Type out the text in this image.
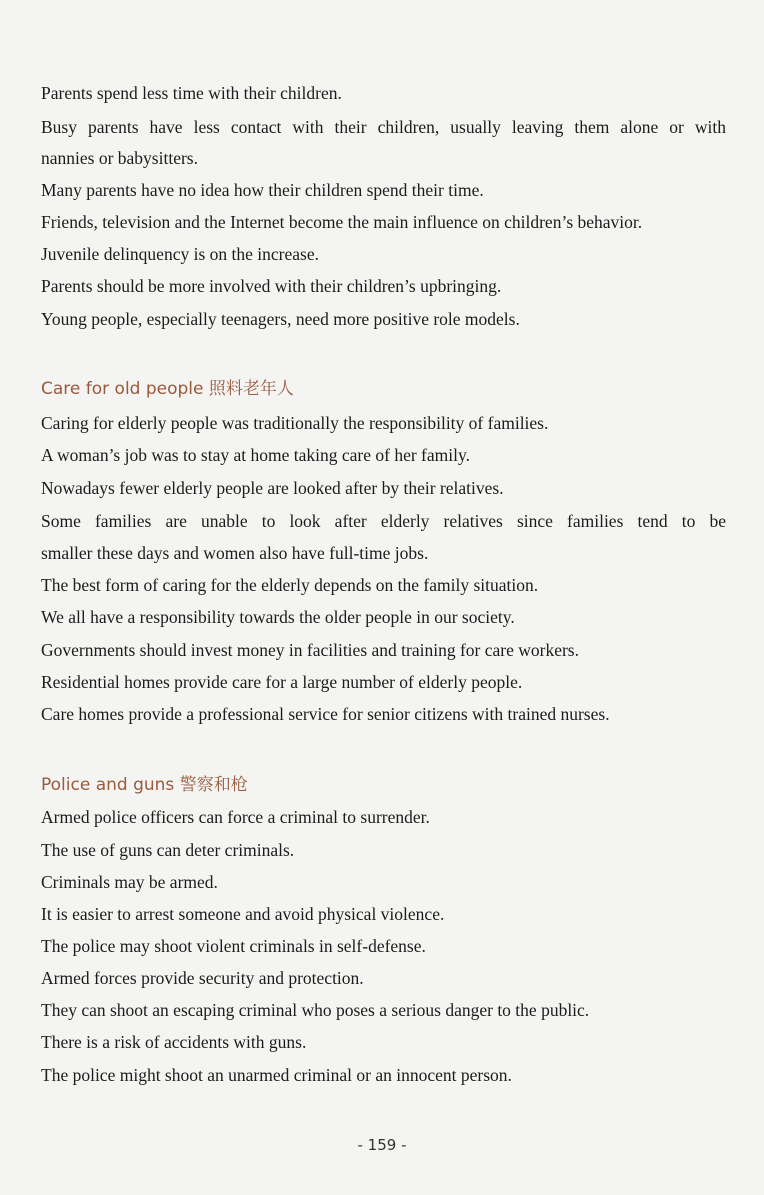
Parents spend less time with their children.
Busy parents have less contact with their children, usually leaving them alone or with
nannies or babysitters.
Many parents have no idea how their children spend their time.
Friends, television and the Internet become the main influence on children’s behavior.
Juvenile delinquency is on the increase.
Parents should be more involved with their children’s upbringing.
Young people, especially teenagers, need more positive role models.
Care for old people 照料老年人
Caring for elderly people was traditionally the responsibility of families.
A woman’s job was to stay at home taking care of her family.
Nowadays fewer elderly people are looked after by their relatives.
Some families are unable to look after elderly relatives since families tend to be
smaller these days and women also have full-time jobs.
The best form of caring for the elderly depends on the family situation.
We all have a responsibility towards the older people in our society.
Governments should invest money in facilities and training for care workers.
Residential homes provide care for a large number of elderly people.
Care homes provide a professional service for senior citizens with trained nurses.
Police and guns 警察和枪
Armed police officers can force a criminal to surrender.
The use of guns can deter criminals.
Criminals may be armed.
It is easier to arrest someone and avoid physical violence.
The police may shoot violent criminals in self-defense.
Armed forces provide security and protection.
They can shoot an escaping criminal who poses a serious danger to the public.
There is a risk of accidents with guns.
The police might shoot an unarmed criminal or an innocent person.
- 159 -
